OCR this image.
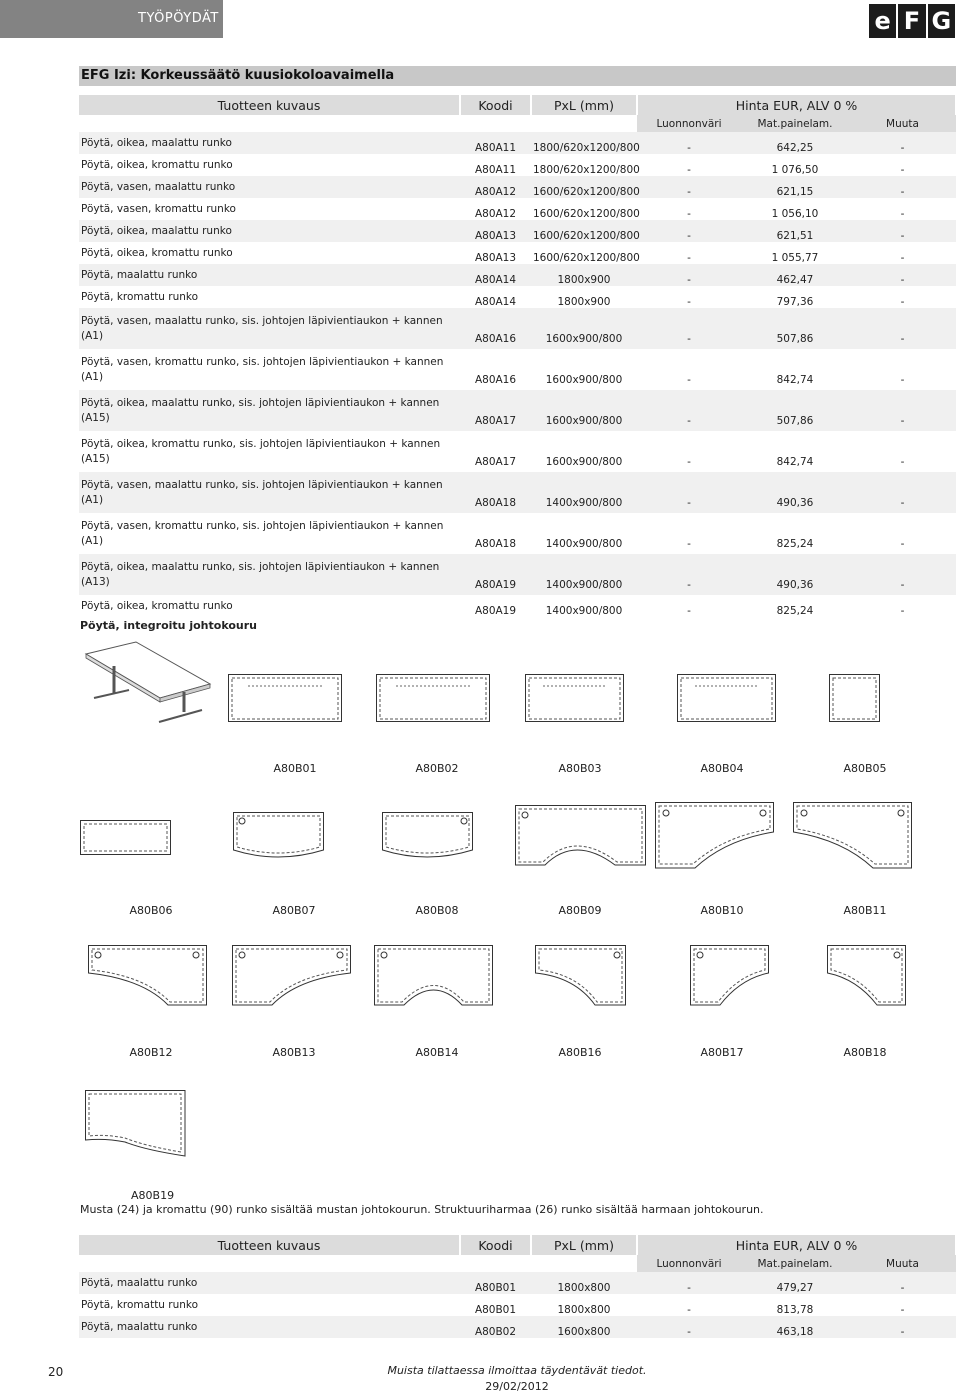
TYÖPÖYDÄT	e F G
EFG Izi: Korkeussäätö kuusiokoloavaimella
Tuotteen kuvaus	Koodi	PxL (mm)	Hinta EUR, ALV 0 %		
			Luonnonväri	Mat.painelam.	Muuta
Pöytä, oikea, maalattu runko	A80A11	1800/620x1200/800	-	642,25	-
Pöytä, oikea, kromattu runko	A80A11	1800/620x1200/800	-	1 076,50	-
Pöytä, vasen, maalattu runko	A80A12	1600/620x1200/800	-	621,15	-
Pöytä, vasen, kromattu runko	A80A12	1600/620x1200/800	-	1 056,10	-
Pöytä, oikea, maalattu runko	A80A13	1600/620x1200/800	-	621,51	-
Pöytä, oikea, kromattu runko	A80A13	1600/620x1200/800	-	1 055,77	-
Pöytä, maalattu runko	A80A14	1800x900	-	462,47	-
Pöytä, kromattu runko	A80A14	1800x900	-	797,36	-
Pöytä, vasen, maalattu runko, sis. johtojen läpivientiaukon + kannen (A1)	A80A16	1600x900/800	-	507,86	-
Pöytä, vasen, kromattu runko, sis. johtojen läpivientiaukon + kannen (A1)	A80A16	1600x900/800	-	842,74	-
Pöytä, oikea, maalattu runko, sis. johtojen läpivientiaukon + kannen (A15)	A80A17	1600x900/800	-	507,86	-
Pöytä, oikea, kromattu runko, sis. johtojen läpivientiaukon + kannen (A15)	A80A17	1600x900/800	-	842,74	-
Pöytä, vasen, maalattu runko, sis. johtojen läpivientiaukon + kannen (A1)	A80A18	1400x900/800	-	490,36	-
Pöytä, vasen, kromattu runko, sis. johtojen läpivientiaukon + kannen (A1)	A80A18	1400x900/800	-	825,24	-
Pöytä, oikea, maalattu runko, sis. johtojen läpivientiaukon + kannen (A13)	A80A19	1400x900/800	-	490,36	-
Pöytä, oikea, kromattu runko	A80A19	1400x900/800	-	825,24	-
Pöytä, integroitu johtokouru
A80B01	A80B02	A80B03	A80B04	A80B05
A80B06	A80B07	A80B08	A80B09	A80B10	A80B11
A80B12	A80B13	A80B14	A80B16	A80B17	A80B18
A80B19
Musta (24) ja kromattu (90) runko sisältää mustan johtokourun. Struktuuriharmaa (26) runko sisältää harmaan johtokourun.
Tuotteen kuvaus	Koodi	PxL (mm)	Hinta EUR, ALV 0 %		
			Luonnonväri	Mat.painelam.	Muuta
Pöytä, maalattu runko	A80B01	1800x800	-	479,27	-
Pöytä, kromattu runko	A80B01	1800x800	-	813,78	-
Pöytä, maalattu runko	A80B02	1600x800	-	463,18	-
20	Muista tilattaessa ilmoittaa täydentävät tiedot.
29/02/2012
